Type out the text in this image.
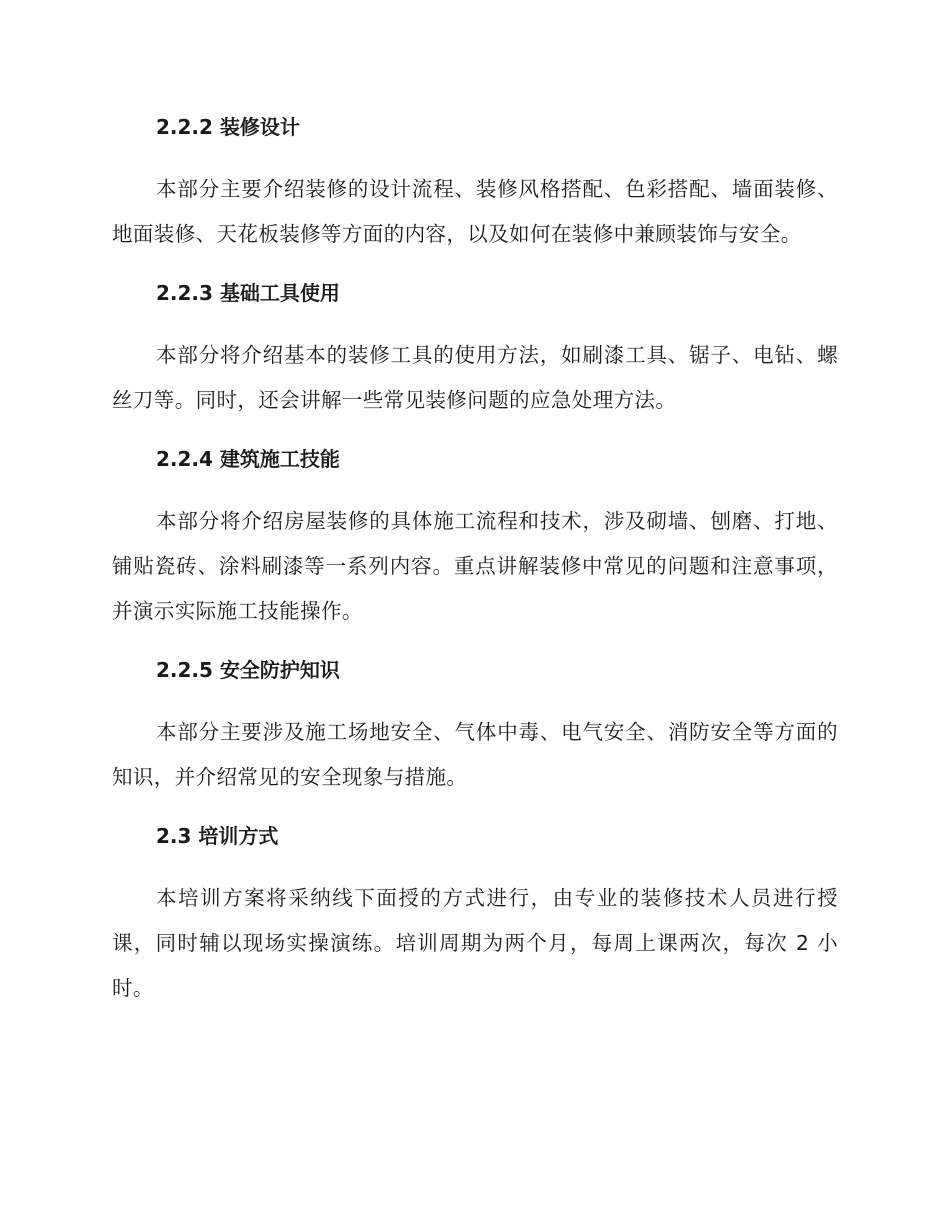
2.2.2 装修设计

本部分主要介绍装修的设计流程、装修风格搭配、色彩搭配、墙面装修、地面装修、天花板装修等方面的内容，以及如何在装修中兼顾装饰与安全。

2.2.3 基础工具使用

本部分将介绍基本的装修工具的使用方法，如刷漆工具、锯子、电钻、螺丝刀等。同时，还会讲解一些常见装修问题的应急处理方法。

2.2.4 建筑施工技能

本部分将介绍房屋装修的具体施工流程和技术，涉及砌墙、刨磨、打地、铺贴瓷砖、涂料刷漆等一系列内容。重点讲解装修中常见的问题和注意事项，并演示实际施工技能操作。

2.2.5 安全防护知识

本部分主要涉及施工场地安全、气体中毒、电气安全、消防安全等方面的知识，并介绍常见的安全现象与措施。

2.3 培训方式

本培训方案将采纳线下面授的方式进行，由专业的装修技术人员进行授课，同时辅以现场实操演练。培训周期为两个月，每周上课两次，每次 2 小时。
